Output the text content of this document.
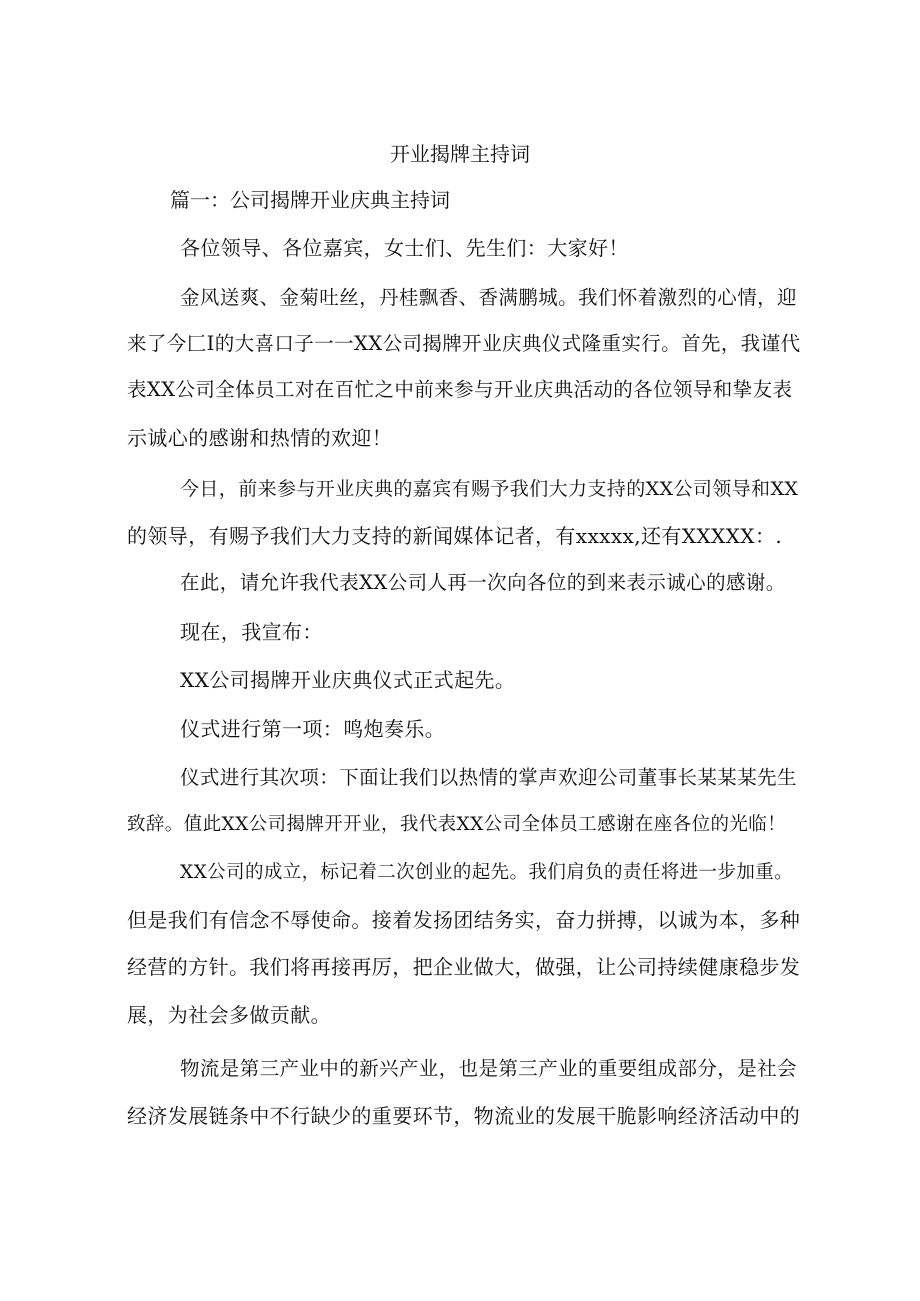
开业揭牌主持词
篇一：公司揭牌开业庆典主持词
各位领导、各位嘉宾，女士们、先生们：大家好！
金风送爽、金菊吐丝，丹桂飘香、香满鹏城。我们怀着激烈的心情，迎
来了今匚I的大喜口子一一XX公司揭牌开业庆典仪式隆重实行。首先，我谨代
表XX公司全体员工对在百忙之中前来参与开业庆典活动的各位领导和挚友表
示诚心的感谢和热情的欢迎！
今日，前来参与开业庆典的嘉宾有赐予我们大力支持的XX公司领导和XX
的领导，有赐予我们大力支持的新闻媒体记者，有xxxxx,还有XXXXX：.
在此，请允许我代表XX公司人再一次向各位的到来表示诚心的感谢。
现在，我宣布：
XX公司揭牌开业庆典仪式正式起先。
仪式进行第一项：鸣炮奏乐。
仪式进行其次项：下面让我们以热情的掌声欢迎公司董事长某某某先生
致辞。值此XX公司揭牌开开业，我代表XX公司全体员工感谢在座各位的光临！
XX公司的成立，标记着二次创业的起先。我们肩负的责任将进一步加重。
但是我们有信念不辱使命。接着发扬团结务实，奋力拼搏，以诚为本，多种
经营的方针。我们将再接再厉，把企业做大，做强，让公司持续健康稳步发
展，为社会多做贡献。
物流是第三产业中的新兴产业，也是第三产业的重要组成部分，是社会
经济发展链条中不行缺少的重要环节，物流业的发展干脆影响经济活动中的
